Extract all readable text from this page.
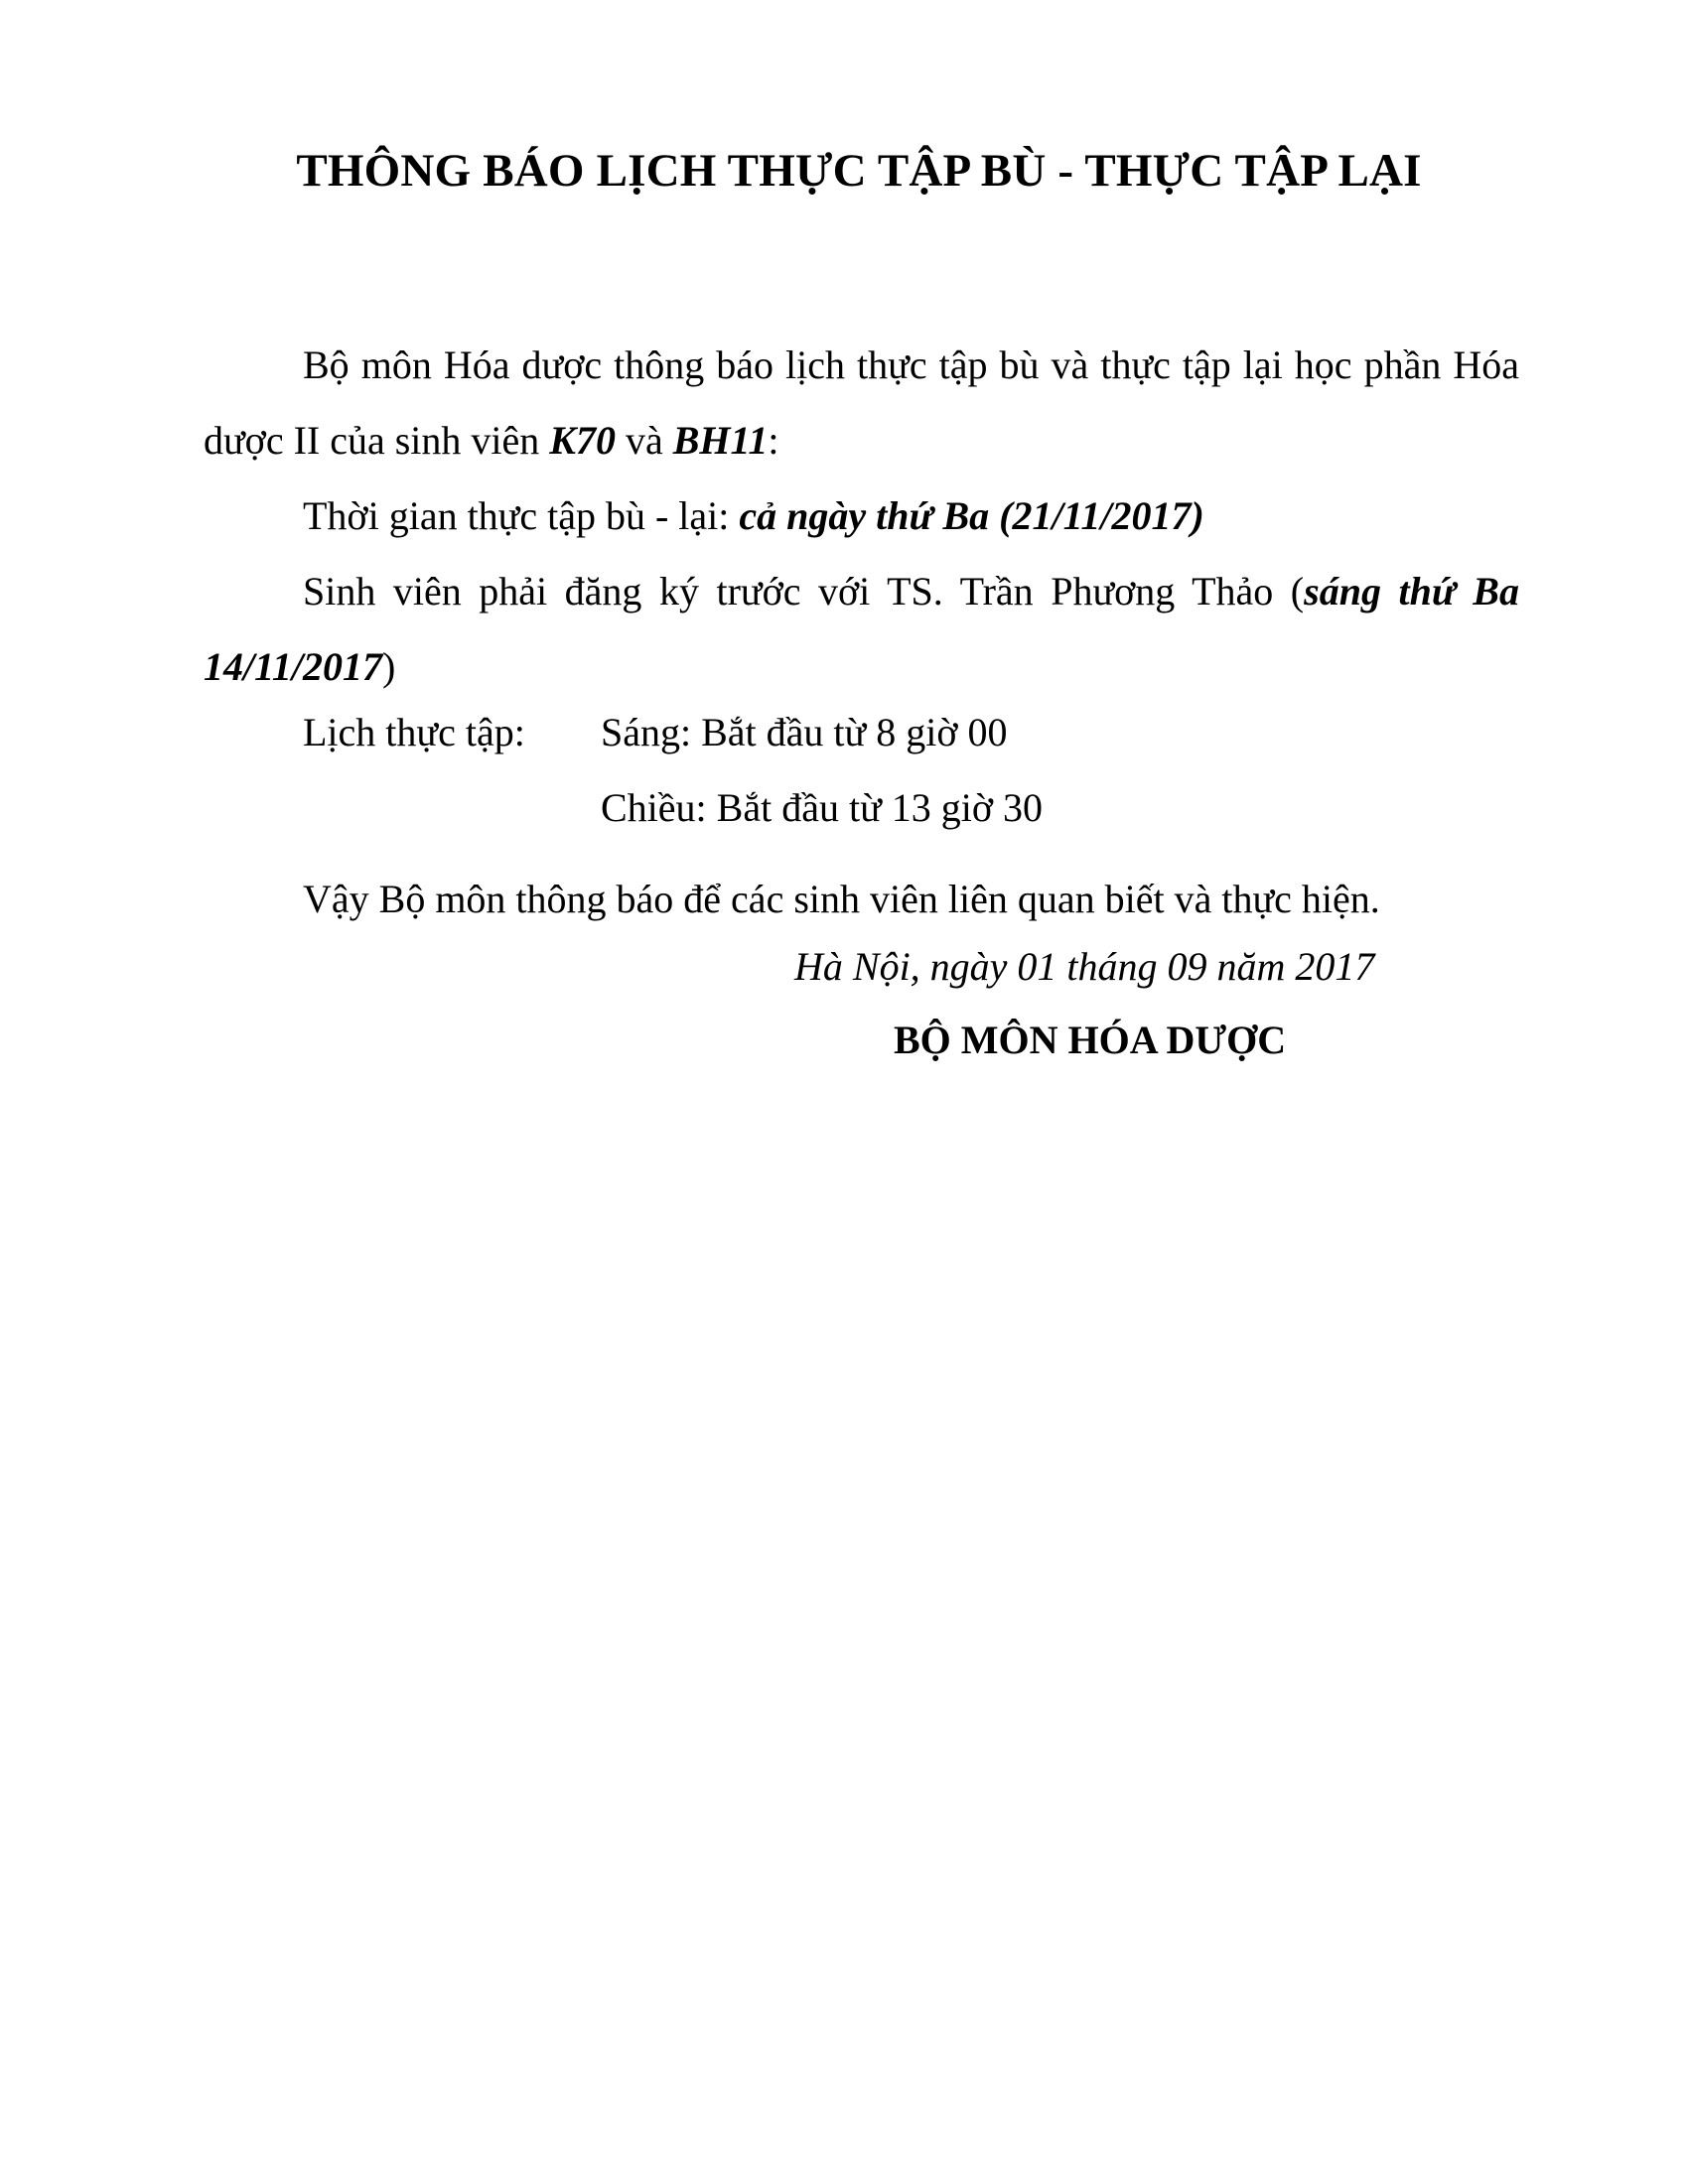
THÔNG BÁO LỊCH THỰC TẬP BÙ - THỰC TẬP LẠI

Bộ môn Hóa dược thông báo lịch thực tập bù và thực tập lại học phần Hóa dược II của sinh viên K70 và BH11:

Thời gian thực tập bù - lại: cả ngày thứ Ba (21/11/2017)

Sinh viên phải đăng ký trước với TS. Trần Phương Thảo (sáng thứ Ba 14/11/2017)

Lịch thực tập: Sáng: Bắt đầu từ 8 giờ 00
Chiều: Bắt đầu từ 13 giờ 30
Vậy Bộ môn thông báo để các sinh viên liên quan biết và thực hiện.
Hà Nội, ngày 01 tháng 09 năm 2017
BỘ MÔN HÓA DƯỢC
